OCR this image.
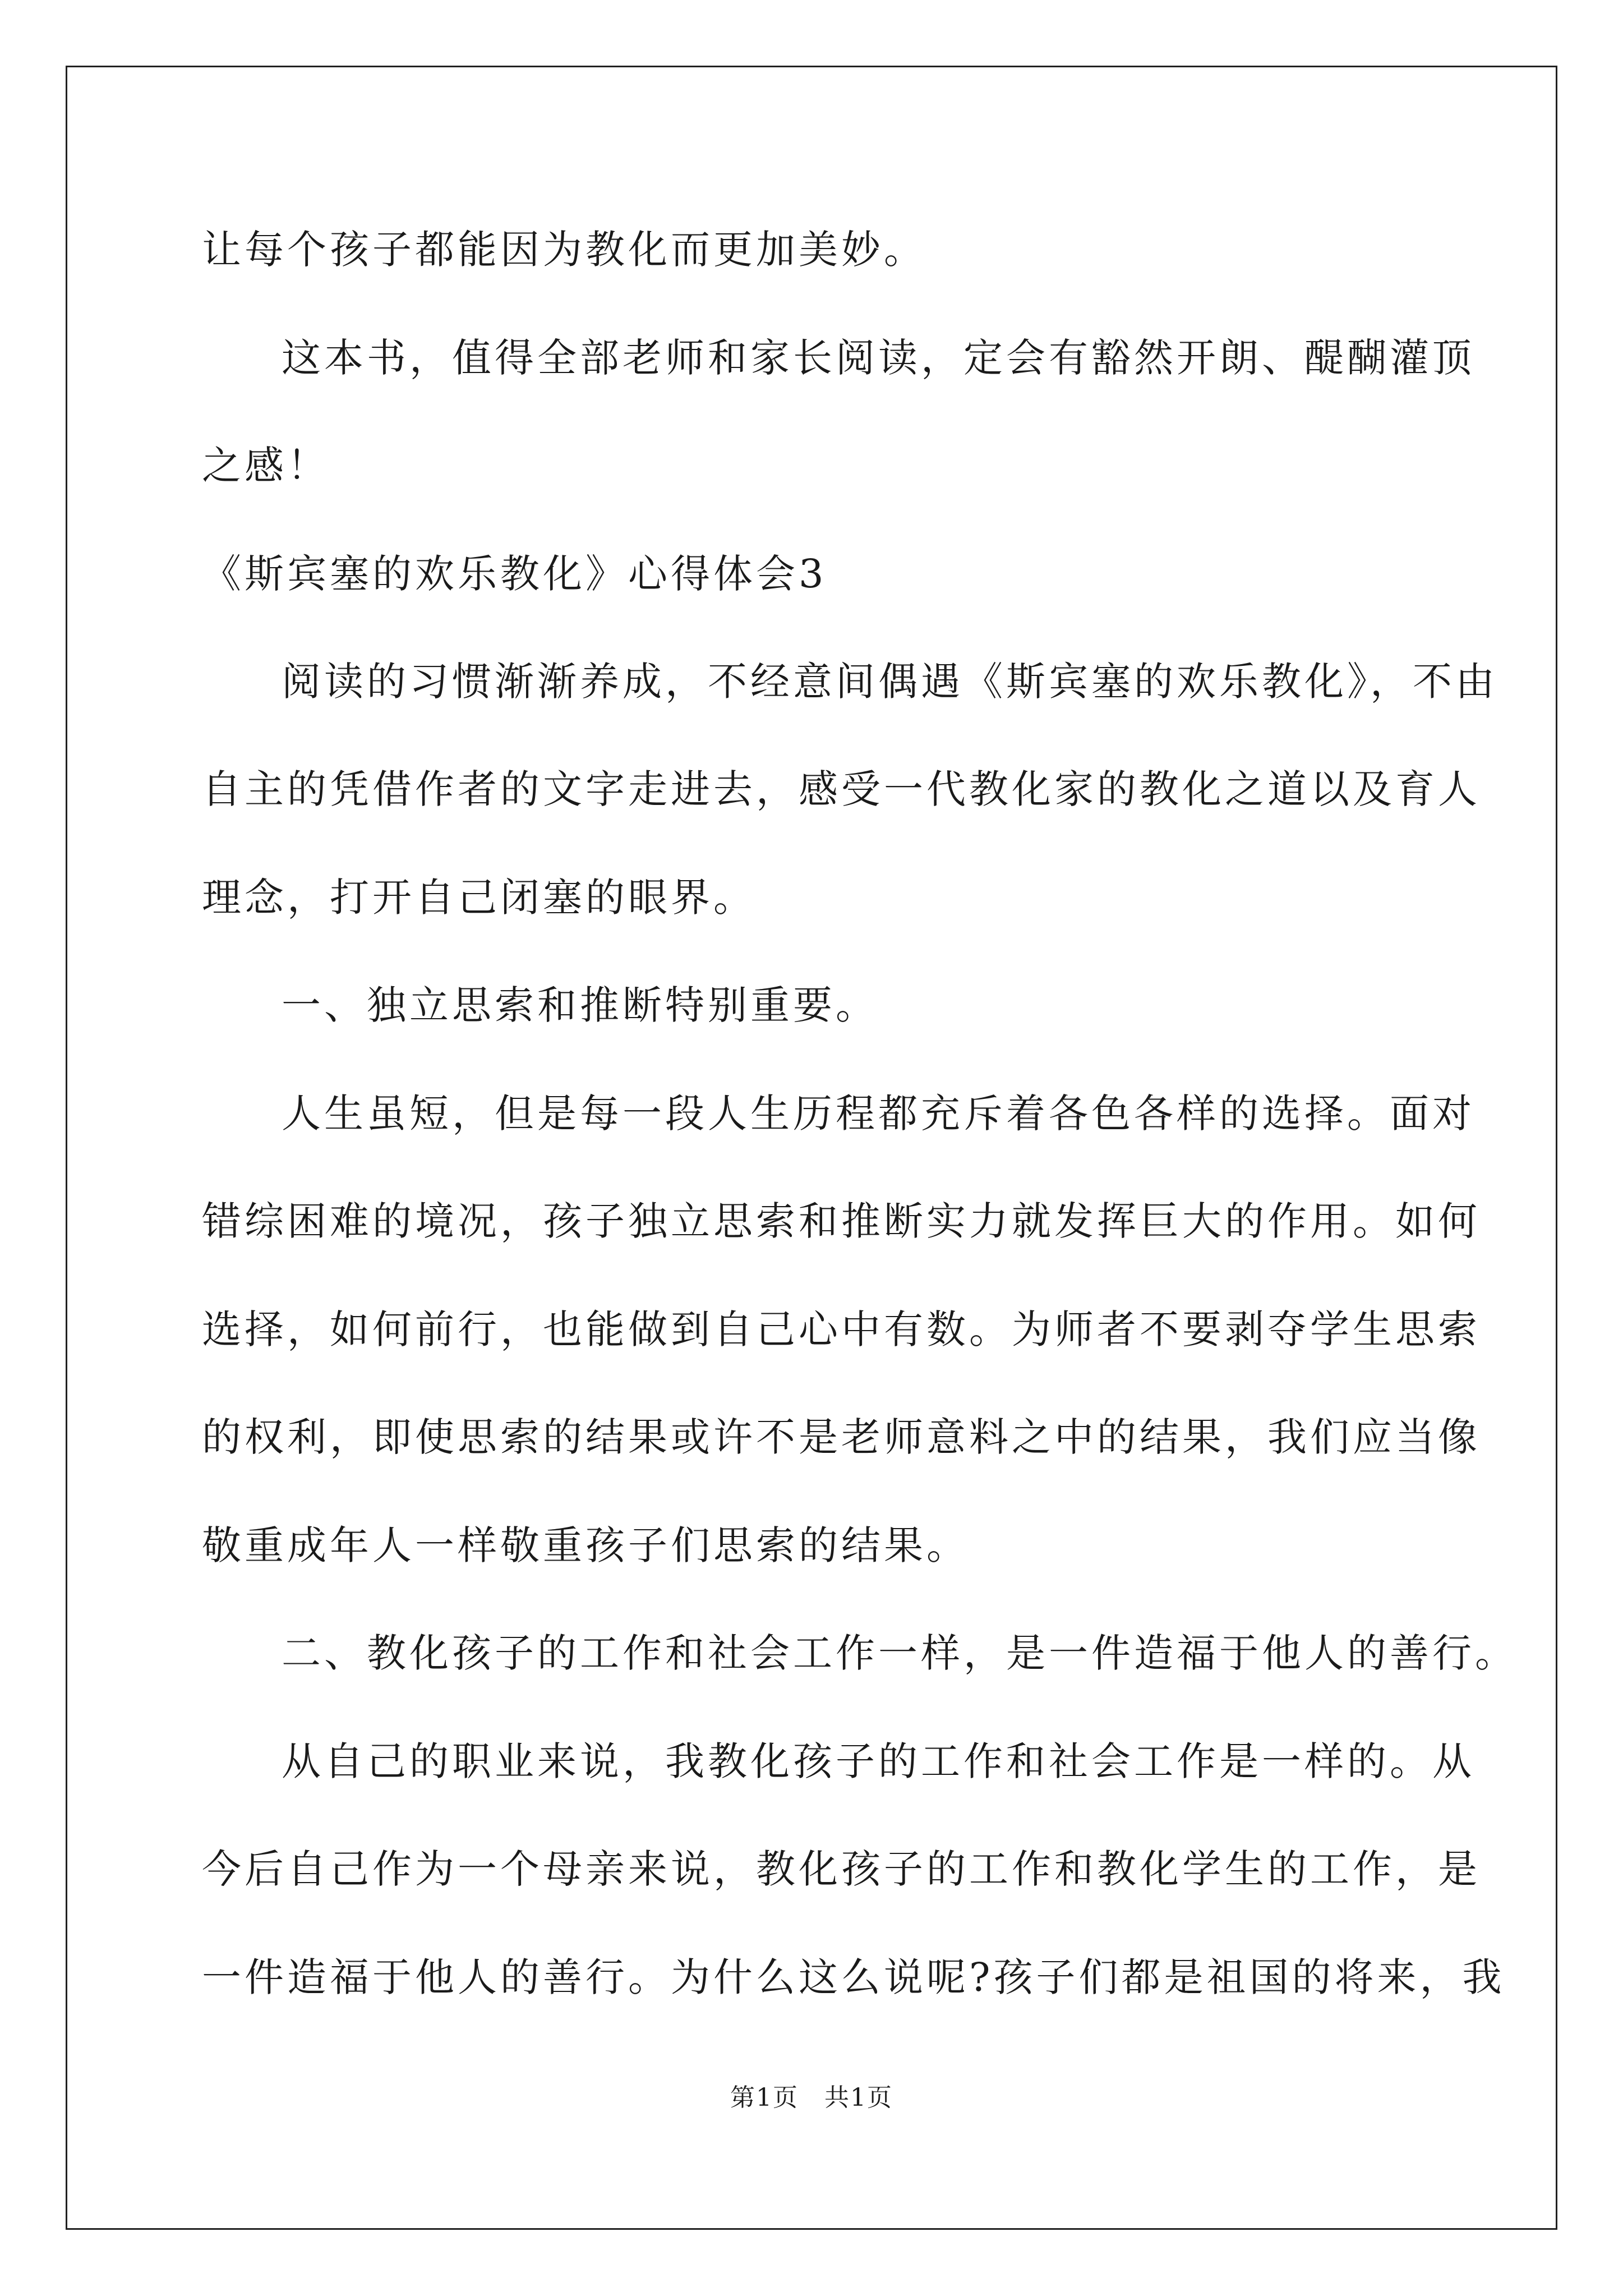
让每个孩子都能因为教化而更加美妙。
这本书，值得全部老师和家长阅读，定会有豁然开朗、醍醐灌顶
之感！
《斯宾塞的欢乐教化》心得体会3
阅读的习惯渐渐养成，不经意间偶遇《斯宾塞的欢乐教化》，不由
自主的凭借作者的文字走进去，感受一代教化家的教化之道以及育人
理念，打开自己闭塞的眼界。
一、独立思索和推断特别重要。
人生虽短，但是每一段人生历程都充斥着各色各样的选择。面对
错综困难的境况，孩子独立思索和推断实力就发挥巨大的作用。如何
选择，如何前行，也能做到自己心中有数。为师者不要剥夺学生思索
的权利，即使思索的结果或许不是老师意料之中的结果，我们应当像
敬重成年人一样敬重孩子们思索的结果。
二、教化孩子的工作和社会工作一样，是一件造福于他人的善行。
从自己的职业来说，我教化孩子的工作和社会工作是一样的。从
今后自己作为一个母亲来说，教化孩子的工作和教化学生的工作，是
一件造福于他人的善行。为什么这么说呢?孩子们都是祖国的将来，我
第1页　共1页
